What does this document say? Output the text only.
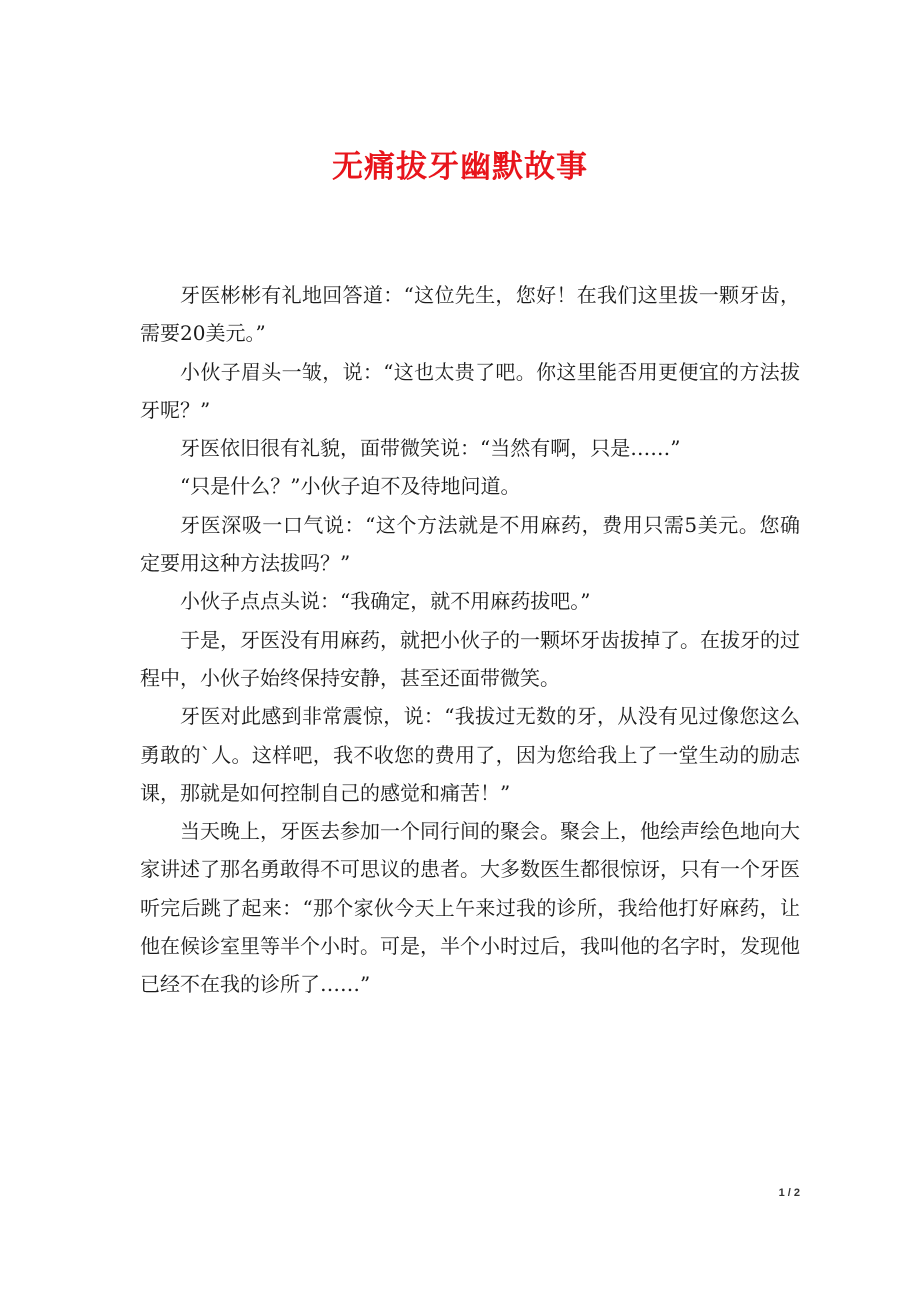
无痛拔牙幽默故事

牙医彬彬有礼地回答道：“这位先生，您好！在我们这里拔一颗牙齿，需要20美元。”

小伙子眉头一皱，说：“这也太贵了吧。你这里能否用更便宜的方法拔牙呢？”

牙医依旧很有礼貌，面带微笑说：“当然有啊，只是……”

“只是什么？”小伙子迫不及待地问道。

牙医深吸一口气说：“这个方法就是不用麻药，费用只需5美元。您确定要用这种方法拔吗？”

小伙子点点头说：“我确定，就不用麻药拔吧。”

于是，牙医没有用麻药，就把小伙子的一颗坏牙齿拔掉了。在拔牙的过程中，小伙子始终保持安静，甚至还面带微笑。

牙医对此感到非常震惊，说：“我拔过无数的牙，从没有见过像您这么勇敢的`人。这样吧，我不收您的费用了，因为您给我上了一堂生动的励志课，那就是如何控制自己的感觉和痛苦！”

当天晚上，牙医去参加一个同行间的聚会。聚会上，他绘声绘色地向大家讲述了那名勇敢得不可思议的患者。大多数医生都很惊讶，只有一个牙医听完后跳了起来：“那个家伙今天上午来过我的诊所，我给他打好麻药，让他在候诊室里等半个小时。可是，半个小时过后，我叫他的名字时，发现他已经不在我的诊所了……”

1 / 2
